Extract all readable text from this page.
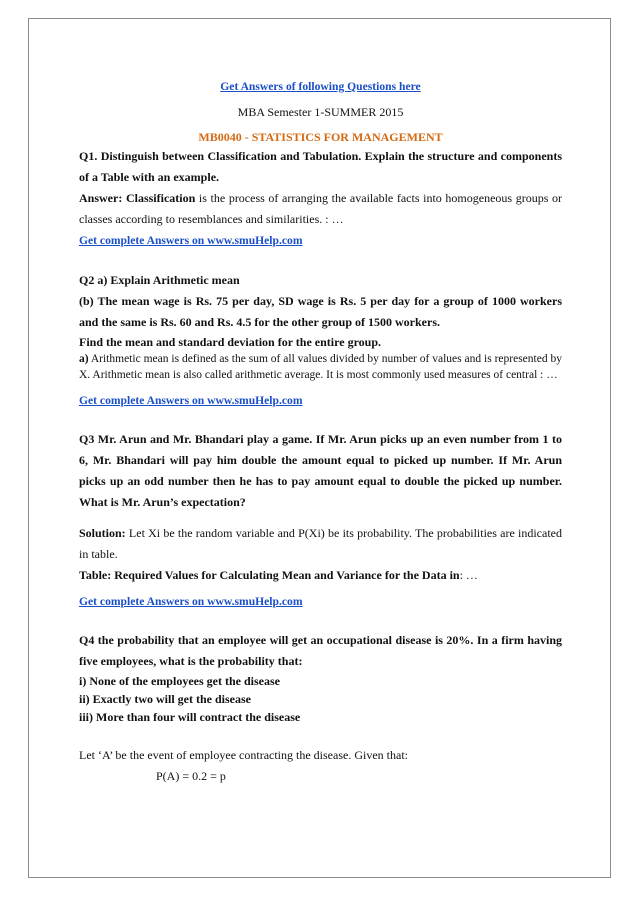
Get Answers of following Questions here
MBA Semester 1-SUMMER 2015
MB0040 - STATISTICS FOR MANAGEMENT
Q1. Distinguish between Classification and Tabulation. Explain the structure and components of a Table with an example.
Answer: Classification is the process of arranging the available facts into homogeneous groups or classes according to resemblances and similarities. : …
Get complete Answers on www.smuHelp.com
Q2 a) Explain Arithmetic mean
(b) The mean wage is Rs. 75 per day, SD wage is Rs. 5 per day for a group of 1000 workers and the same is Rs. 60 and Rs. 4.5 for the other group of 1500 workers.
Find the mean and standard deviation for the entire group.
a) Arithmetic mean is defined as the sum of all values divided by number of values and is represented by X. Arithmetic mean is also called arithmetic average. It is most commonly used measures of central : …
Get complete Answers on www.smuHelp.com
Q3 Mr. Arun and Mr. Bhandari play a game. If Mr. Arun picks up an even number from 1 to 6, Mr. Bhandari will pay him double the amount equal to picked up number. If Mr. Arun picks up an odd number then he has to pay amount equal to double the picked up number. What is Mr. Arun’s expectation?
Solution: Let Xi be the random variable and P(Xi) be its probability. The probabilities are indicated in table.
Table: Required Values for Calculating Mean and Variance for the Data in: …
Get complete Answers on www.smuHelp.com
Q4 the probability that an employee will get an occupational disease is 20%. In a firm having five employees, what is the probability that:
i) None of the employees get the disease
ii) Exactly two will get the disease
iii) More than four will contract the disease
Let ‘A’ be the event of employee contracting the disease. Given that:
P(A) = 0.2 = p
